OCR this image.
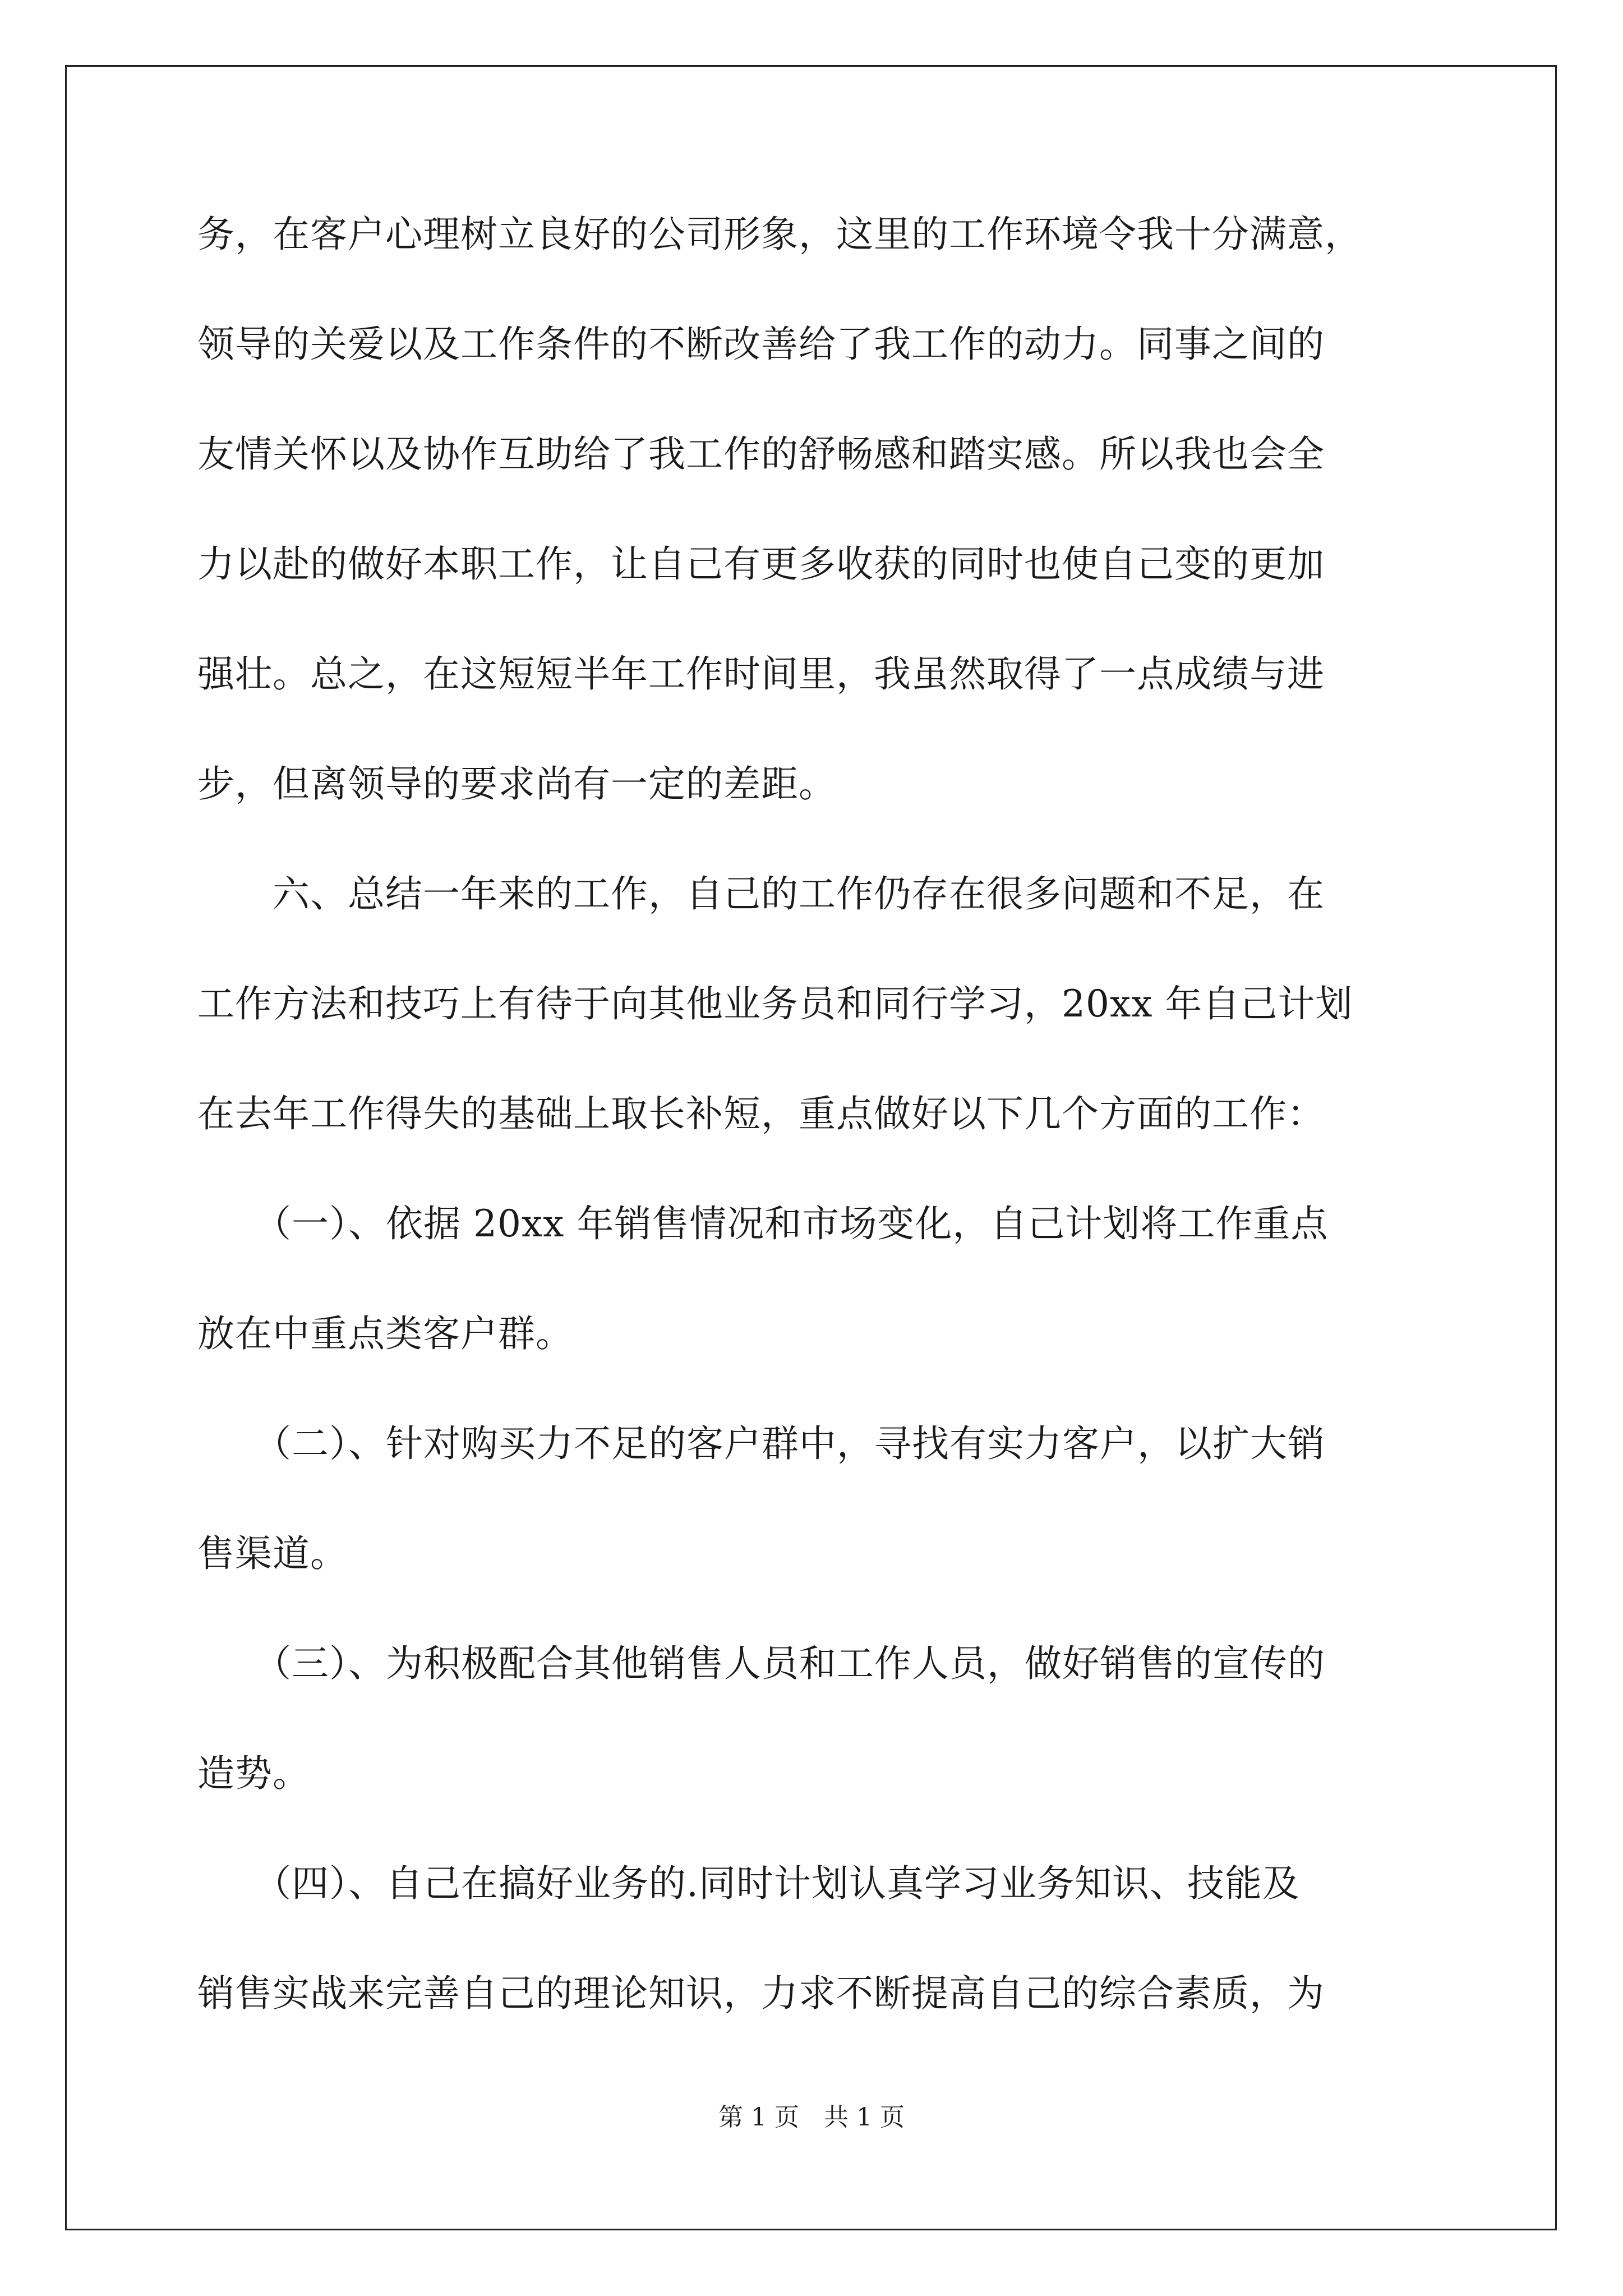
务，在客户心理树立良好的公司形象，这里的工作环境令我十分满意，
领导的关爱以及工作条件的不断改善给了我工作的动力。同事之间的
友情关怀以及协作互助给了我工作的舒畅感和踏实感。所以我也会全
力以赴的做好本职工作，让自己有更多收获的同时也使自己变的更加
强壮。总之，在这短短半年工作时间里，我虽然取得了一点成绩与进
步，但离领导的要求尚有一定的差距。
　　六、总结一年来的工作，自己的工作仍存在很多问题和不足，在
工作方法和技巧上有待于向其他业务员和同行学习，20xx 年自己计划
在去年工作得失的基础上取长补短，重点做好以下几个方面的工作：
　　（一）、依据 20xx 年销售情况和市场变化，自己计划将工作重点
放在中重点类客户群。
　　（二）、针对购买力不足的客户群中，寻找有实力客户，以扩大销
售渠道。
　　（三）、为积极配合其他销售人员和工作人员，做好销售的宣传的
造势。
　　（四）、自己在搞好业务的.同时计划认真学习业务知识、技能及
销售实战来完善自己的理论知识，力求不断提高自己的综合素质，为
第 1 页　共 1 页
